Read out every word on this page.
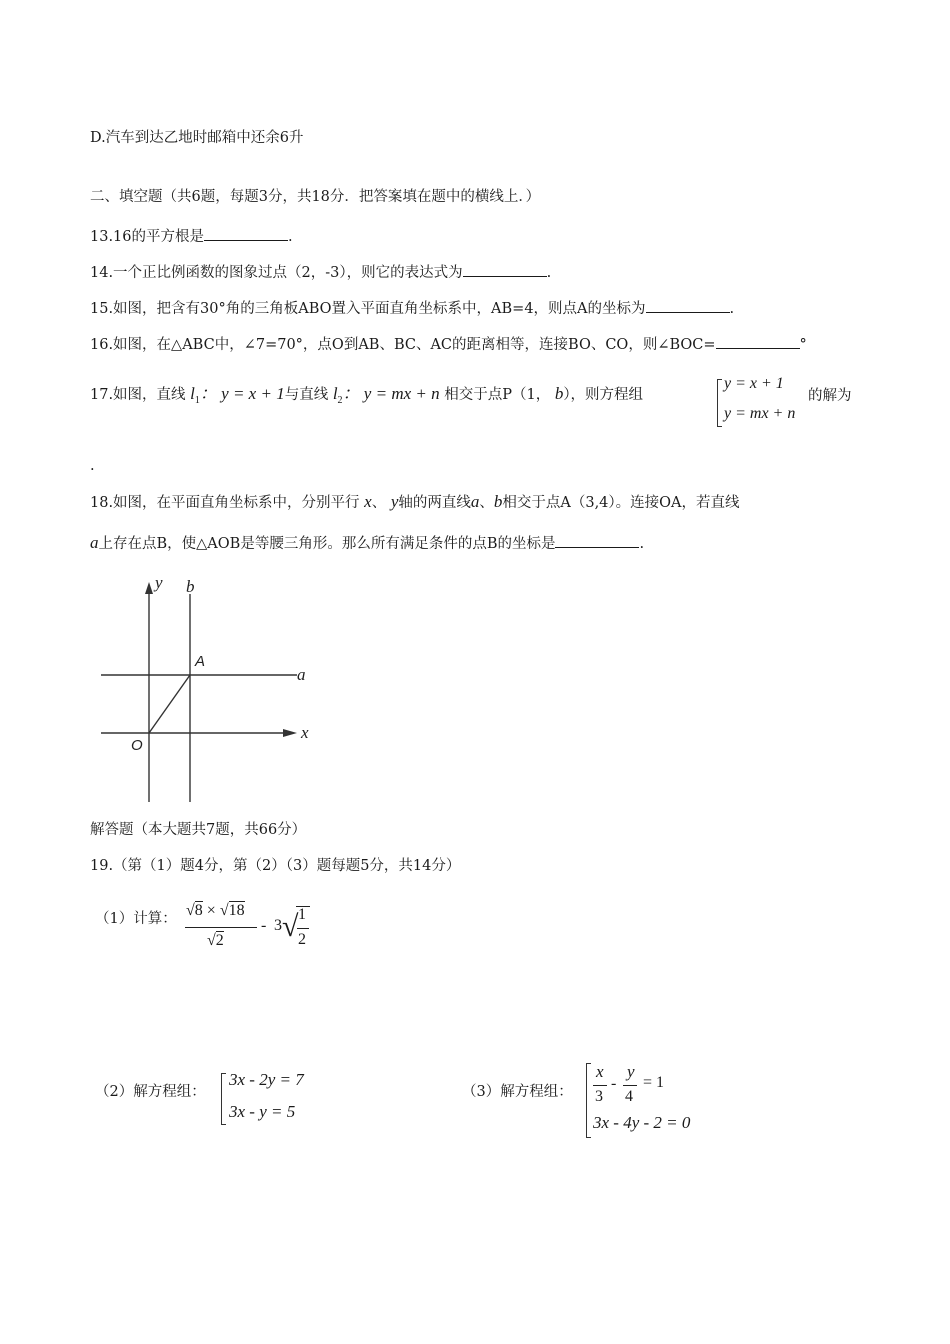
D.汽车到达乙地时邮箱中还余6升
二、填空题（共6题，每题3分，共18分．把答案填在题中的横线上．）
13.16的平方根是	.
14.一个正比例函数的图象过点（2，-3），则它的表达式为	.
15.如图，把含有30°角的三角板ABO置入平面直角坐标系中，AB=4，则点A的坐标为	.
16.如图，在△ABC中，∠7=70°，点O到AB、BC、AC的距离相等，连接BO、CO，则∠BOC=	°
17.如图，直线 $l_1$： y = x + 1与直线 $l_2$： y = mx + n 相交于点P（1， b），则方程组
y = x + 1
y = mx + n
的解为
.
18.如图，在平面直角坐标系中，分别平行 x、 y轴的两直线a、b相交于点A（3,4）。连接OA，若直线
a上存在点B，使△AOB是等腰三角形。那么所有满足条件的点B的坐标是	.
y b
A
a
O
x
解答题（本大题共7题，共66分）
19.（第（1）题4分，第（2）（3）题每题5分，共14分）
（1）计算： √8 × √18
√2
- 3 √ 1
2
（2）解方程组：
3x - 2y = 7
3x - y = 5
（3）解方程组：
x
3
-
y
4
= 1
3x - 4y - 2 = 0
